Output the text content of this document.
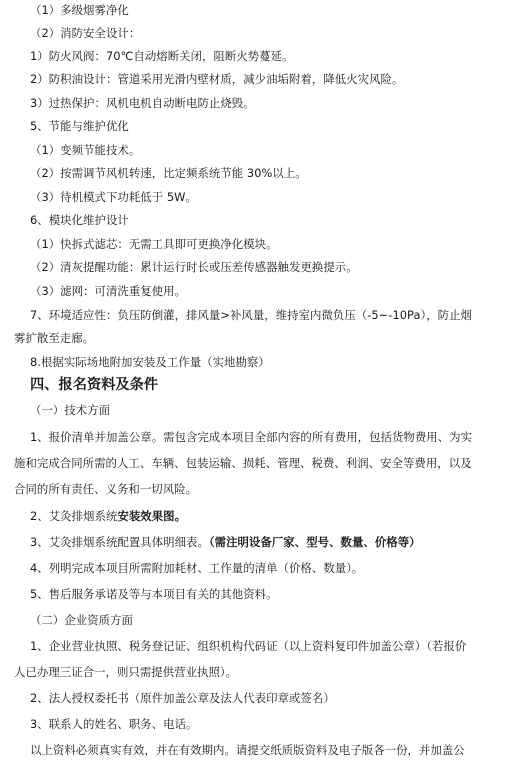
（1）多级烟雾净化
（2）消防安全设计：
1）防火风阀：70℃自动熔断关闭，阻断火势蔓延。
2）防积油设计：管道采用光滑内壁材质，减少油垢附着，降低火灾风险。
3）过热保护：风机电机自动断电防止烧毁。
5、节能与维护优化
（1）变频节能技术。
（2）按需调节风机转速，比定频系统节能 30%以上。
（3）待机模式下功耗低于 5W。
6、模块化维护设计
（1）快拆式滤芯：无需工具即可更换净化模块。
（2）清灰提醒功能：累计运行时长或压差传感器触发更换提示。
（3）滤网：可清洗重复使用。
7、环境适应性：负压防倒灌，排风量>补风量，维持室内微负压（-5~-10Pa），防止烟
雾扩散至走廊。
8.根据实际场地附加安装及工作量（实地勘察）
四、报名资料及条件
（一）技术方面
1、报价清单并加盖公章。需包含完成本项目全部内容的所有费用，包括货物费用、为实
施和完成合同所需的人工、车辆、包装运输、损耗、管理、税费、利润、安全等费用，以及
合同的所有责任、义务和一切风险。
2、艾灸排烟系统安装效果图。
3、艾灸排烟系统配置具体明细表。（需注明设备厂家、型号、数量、价格等）
4、列明完成本项目所需附加耗材、工作量的清单（价格、数量）。
5、售后服务承诺及等与本项目有关的其他资料。
（二）企业资质方面
1、企业营业执照、税务登记证、组织机构代码证（以上资料复印件加盖公章）（若报价
人已办理三证合一，则只需提供营业执照）。
2、法人授权委托书（原件加盖公章及法人代表印章或签名）
3、联系人的姓名、职务、电话。
以上资料必须真实有效，并在有效期内。请提交纸质版资料及电子版各一份，并加盖公
